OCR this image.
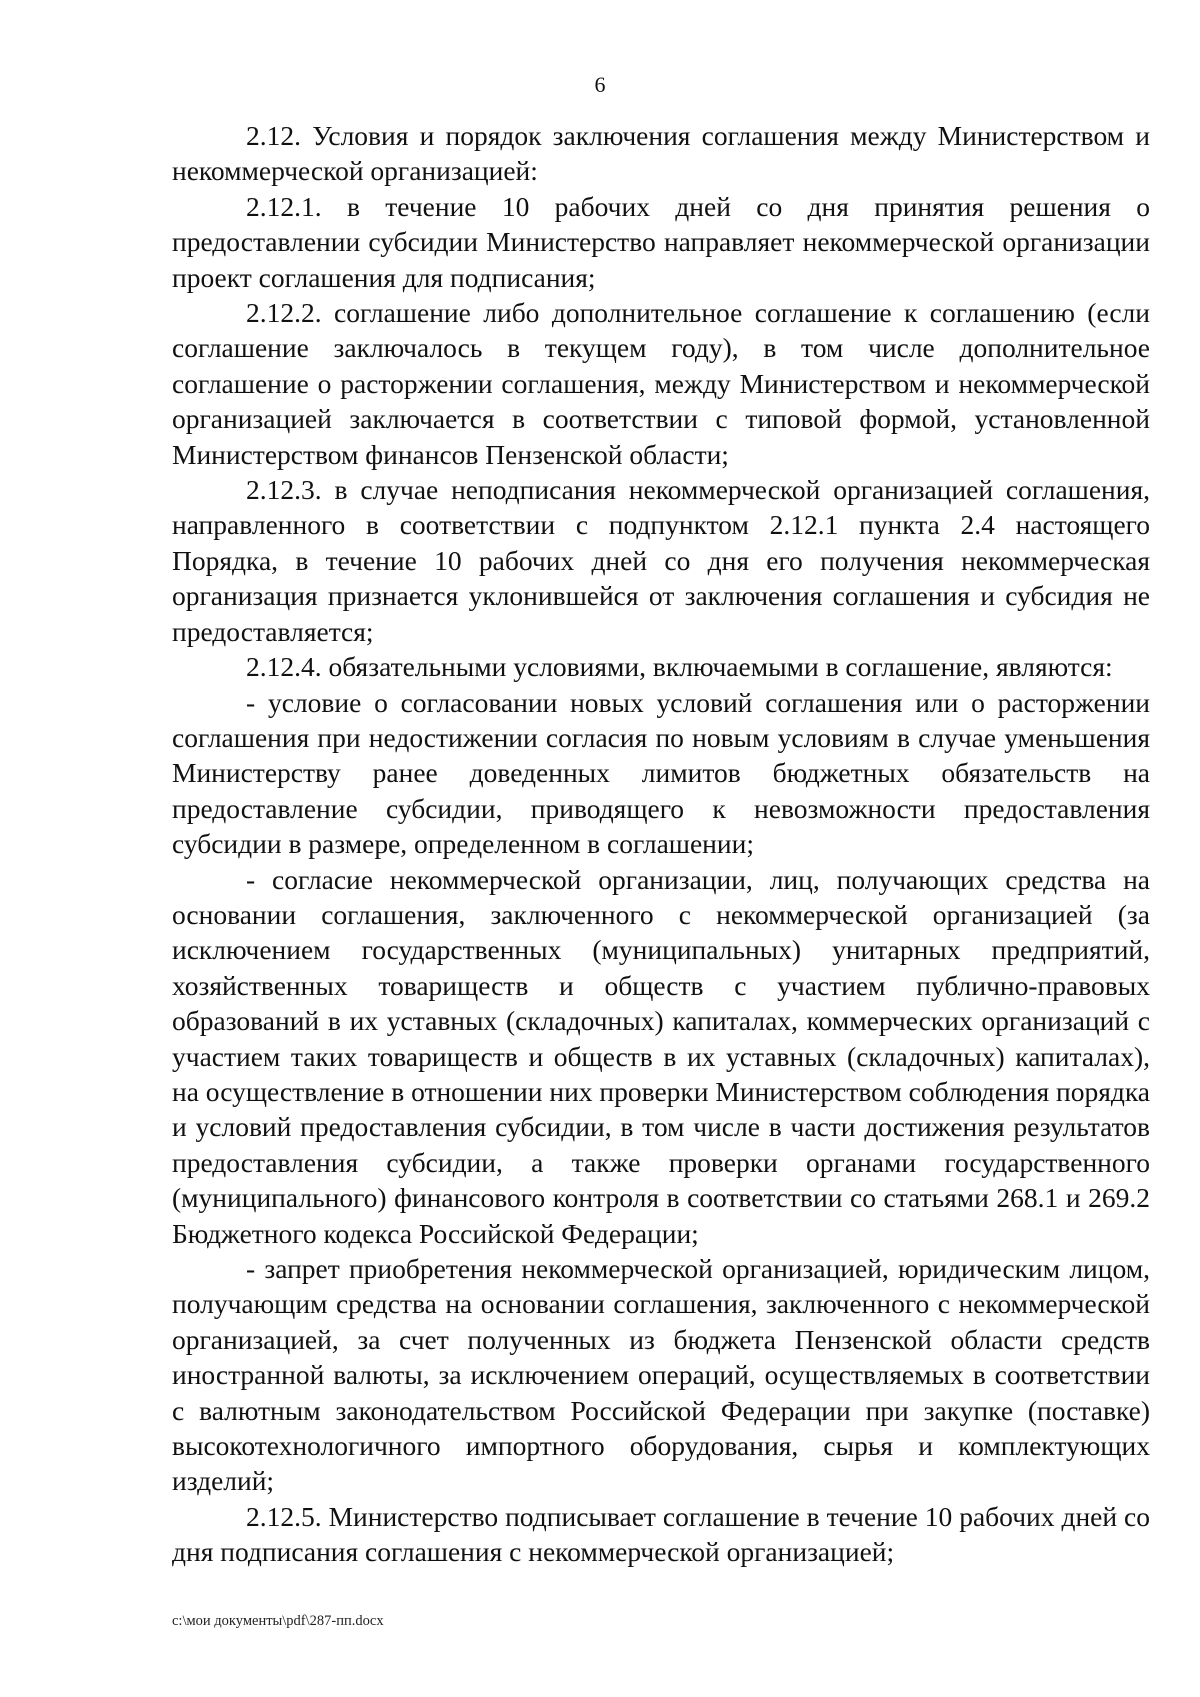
6

2.12. Условия и порядок заключения соглашения между Министерством и некоммерческой организацией:

2.12.1. в течение 10 рабочих дней со дня принятия решения о предоставлении субсидии Министерство направляет некоммерческой организации проект соглашения для подписания;

2.12.2. соглашение либо дополнительное соглашение к соглашению (если соглашение заключалось в текущем году), в том числе дополнительное соглашение о расторжении соглашения, между Министерством и некоммерческой организацией заключается в соответствии с типовой формой, установленной Министерством финансов Пензенской области;

2.12.3. в случае неподписания некоммерческой организацией соглашения, направленного в соответствии с подпунктом 2.12.1 пункта 2.4 настоящего Порядка, в течение 10 рабочих дней со дня его получения некоммерческая организация признается уклонившейся от заключения соглашения и субсидия не предоставляется;

2.12.4. обязательными условиями, включаемыми в соглашение, являются:

- условие о согласовании новых условий соглашения или о расторжении соглашения при недостижении согласия по новым условиям в случае уменьшения Министерству ранее доведенных лимитов бюджетных обязательств на предоставление субсидии, приводящего к невозможности предоставления субсидии в размере, определенном в соглашении;

- согласие некоммерческой организации, лиц, получающих средства на основании соглашения, заключенного с некоммерческой организацией (за исключением государственных (муниципальных) унитарных предприятий, хозяйственных товариществ и обществ с участием публично-правовых образований в их уставных (складочных) капиталах, коммерческих организаций с участием таких товариществ и обществ в их уставных (складочных) капиталах), на осуществление в отношении них проверки Министерством соблюдения порядка и условий предоставления субсидии, в том числе в части достижения результатов предоставления субсидии, а также проверки органами государственного (муниципального) финансового контроля в соответствии со статьями 268.1 и 269.2 Бюджетного кодекса Российской Федерации;

- запрет приобретения некоммерческой организацией, юридическим лицом, получающим средства на основании соглашения, заключенного с некоммерческой организацией, за счет полученных из бюджета Пензенской области средств иностранной валюты, за исключением операций, осуществляемых в соответствии с валютным законодательством Российской Федерации при закупке (поставке) высокотехнологичного импортного оборудования, сырья и комплектующих изделий;

2.12.5. Министерство подписывает соглашение в течение 10 рабочих дней со дня подписания соглашения с некоммерческой организацией;

c:\мои документы\pdf\287-пп.docx
